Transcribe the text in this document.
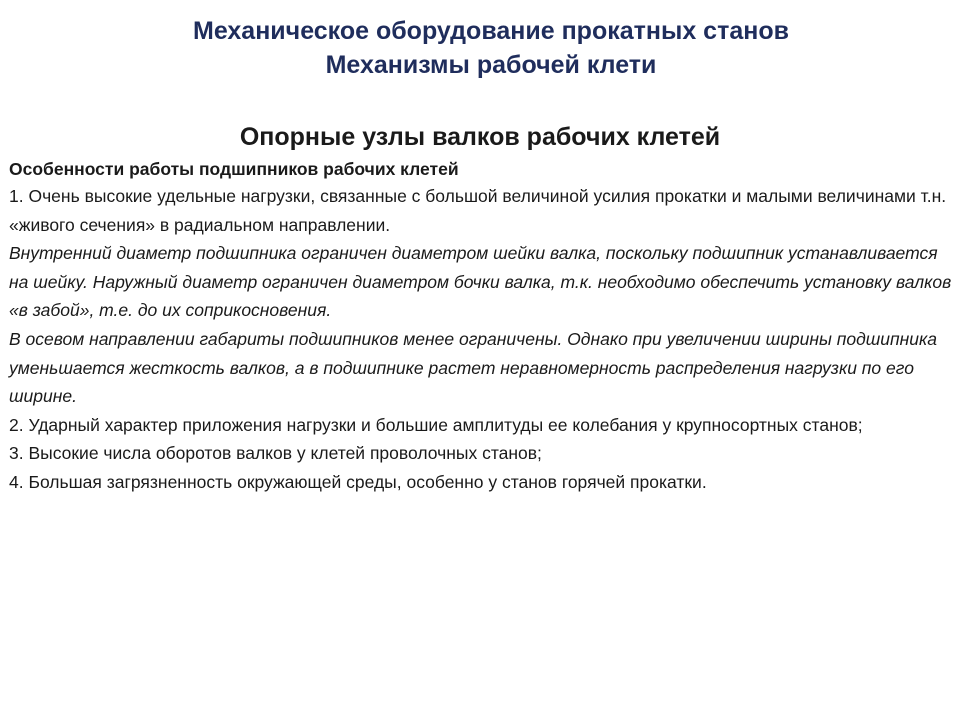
Механическое оборудование прокатных станов
Механизмы рабочей клети
Опорные узлы валков рабочих клетей
Особенности работы подшипников рабочих клетей

1. Очень высокие удельные нагрузки, связанные с большой величиной усилия прокатки и малыми величинами т.н. «живого сечения» в радиальном направлении.

Внутренний диаметр подшипника ограничен диаметром шейки валка, поскольку подшипник устанавливается на шейку. Наружный диаметр ограничен диаметром бочки валка, т.к. необходимо обеспечить установку валков «в забой», т.е. до их соприкосновения.

В осевом направлении габариты подшипников менее ограничены. Однако при увеличении ширины подшипника уменьшается жесткость валков, а в подшипнике растет неравномерность распределения нагрузки по его ширине.

2. Ударный характер приложения нагрузки и большие амплитуды ее колебания у крупносортных станов;

3. Высокие числа оборотов валков у клетей проволочных станов;

4. Большая загрязненность окружающей среды, особенно у станов горячей прокатки.
